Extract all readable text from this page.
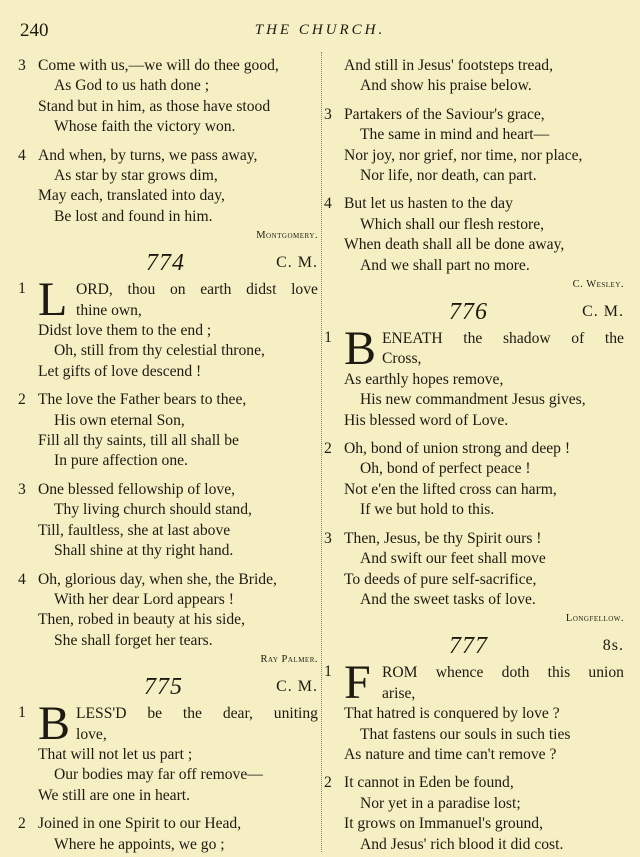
240	THE CHURCH.
3 Come with us,—we will do thee good,
As God to us hath done ;
Stand but in him, as those have stood
Whose faith the victory won.
4 And when, by turns, we pass away,
As star by star grows dim,
May each, translated into day,
Be lost and found in him.
Montgomery.
774	C. M.
1 L ORD, thou on earth didst love
thine own,
Didst love them to the end ;
Oh, still from thy celestial throne,
Let gifts of love descend !
2 The love the Father bears to thee,
His own eternal Son,
Fill all thy saints, till all shall be
In pure affection one.
3 One blessed fellowship of love,
Thy living church should stand,
Till, faultless, she at last above
Shall shine at thy right hand.
4 Oh, glorious day, when she, the Bride,
With her dear Lord appears !
Then, robed in beauty at his side,
She shall forget her tears.
Ray Palmer.
775	C. M.
1 B LESS'D be the dear, uniting
love,
That will not let us part ;
Our bodies may far off remove—
We still are one in heart.
2 Joined in one Spirit to our Head,
Where he appoints, we go ;
And still in Jesus' footsteps tread,
And show his praise below.
3 Partakers of the Saviour's grace,
The same in mind and heart—
Nor joy, nor grief, nor time, nor place,
Nor life, nor death, can part.
4 But let us hasten to the day
Which shall our flesh restore,
When death shall all be done away,
And we shall part no more.
C. Wesley.
776	C. M.
1 B ENEATH the shadow of the
Cross,
As earthly hopes remove,
His new commandment Jesus gives,
His blessed word of Love.
2 Oh, bond of union strong and deep !
Oh, bond of perfect peace !
Not e'en the lifted cross can harm,
If we but hold to this.
3 Then, Jesus, be thy Spirit ours !
And swift our feet shall move
To deeds of pure self-sacrifice,
And the sweet tasks of love.
Longfellow.
777	8s.
1 F ROM whence doth this union
arise,
That hatred is conquered by love ?
That fastens our souls in such ties
As nature and time can't remove ?
2 It cannot in Eden be found,
Nor yet in a paradise lost;
It grows on Immanuel's ground,
And Jesus' rich blood it did cost.
